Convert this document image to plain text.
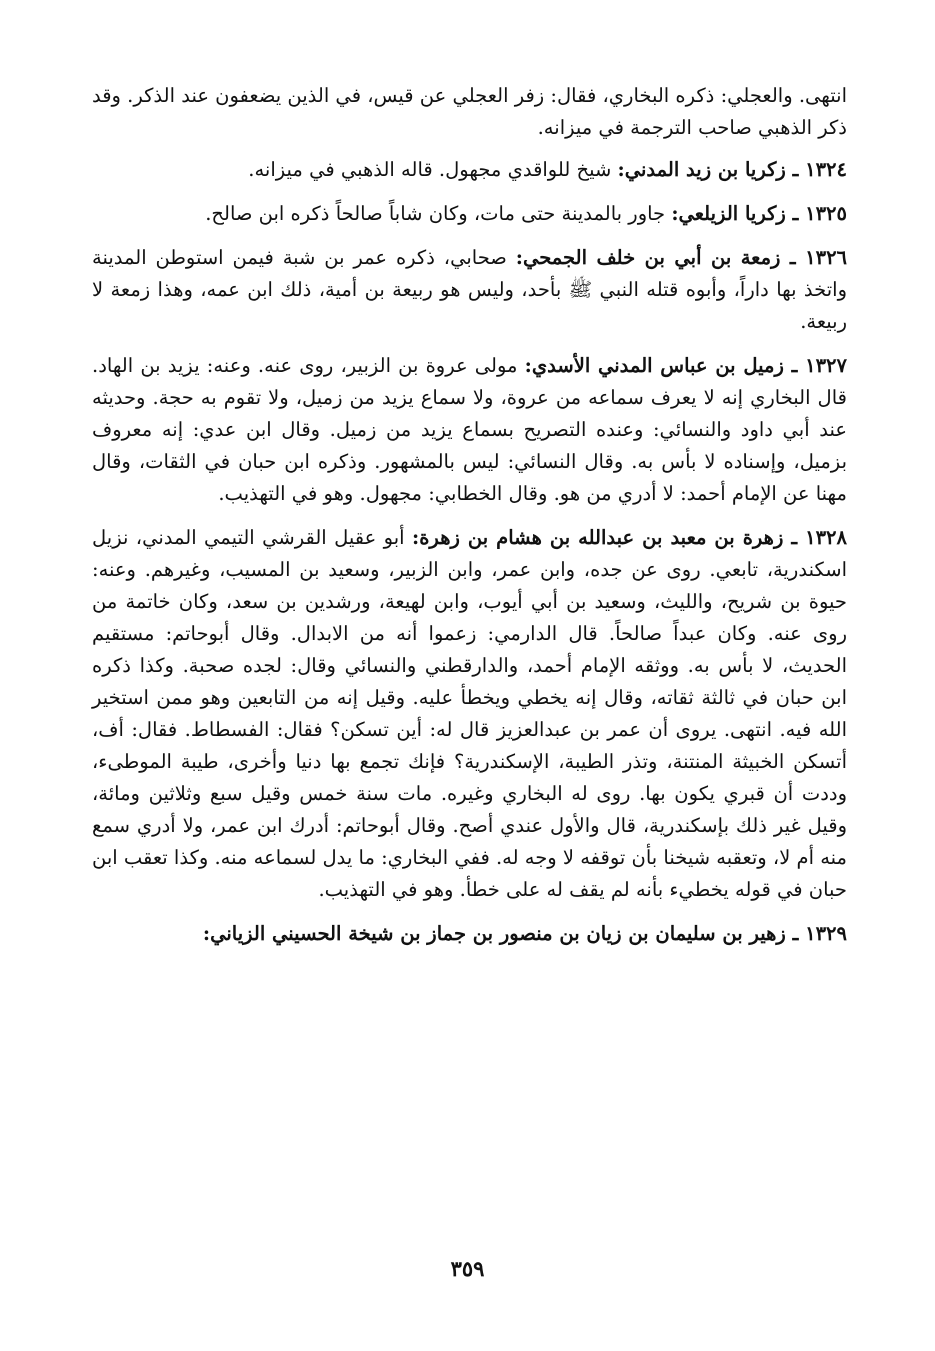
انتهى. والعجلي: ذكره البخاري، فقال: زفر العجلي عن قيس، في الذين يضعفون عند الذكر. وقد ذكر الذهبي صاحب الترجمة في ميزانه.

١٣٢٤ ـ زكريا بن زيد المدني: شيخ للواقدي مجهول. قاله الذهبي في ميزانه.

١٣٢٥ ـ زكريا الزيلعي: جاور بالمدينة حتى مات، وكان شاباً صالحاً ذكره ابن صالح.

١٣٢٦ ـ زمعة بن أبي بن خلف الجمحي: صحابي، ذكره عمر بن شبة فيمن استوطن المدينة واتخذ بها داراً، وأبوه قتله النبي ﷺ بأحد، وليس هو ربيعة بن أمية، ذلك ابن عمه، وهذا زمعة لا ربيعة.

١٣٢٧ ـ زميل بن عباس المدني الأسدي: مولى عروة بن الزبير، روى عنه. وعنه: يزيد بن الهاد. قال البخاري إنه لا يعرف سماعه من عروة، ولا سماع يزيد من زميل، ولا تقوم به حجة. وحديثه عند أبي داود والنسائي: وعنده التصريح بسماع يزيد من زميل. وقال ابن عدي: إنه معروف بزميل، وإسناده لا بأس به. وقال النسائي: ليس بالمشهور. وذكره ابن حبان في الثقات، وقال مهنا عن الإمام أحمد: لا أدري من هو. وقال الخطابي: مجهول. وهو في التهذيب.

١٣٢٨ ـ زهرة بن معبد بن عبدالله بن هشام بن زهرة: أبو عقيل القرشي التيمي المدني، نزيل اسكندرية، تابعي. روى عن جده، وابن عمر، وابن الزبير، وسعيد بن المسيب، وغيرهم. وعنه: حيوة بن شريح، والليث، وسعيد بن أبي أيوب، وابن لهيعة، ورشدين بن سعد، وكان خاتمة من روى عنه. وكان عبداً صالحاً. قال الدارمي: زعموا أنه من الابدال. وقال أبوحاتم: مستقيم الحديث، لا بأس به. ووثقه الإمام أحمد، والدارقطني والنسائي وقال: لجده صحبة. وكذا ذكره ابن حبان في ثالثة ثقاته، وقال إنه يخطي ويخطأ عليه. وقيل إنه من التابعين وهو ممن استخير الله فيه. انتهى. يروى أن عمر بن عبدالعزيز قال له: أين تسكن؟ فقال: الفسطاط. فقال: أف، أتسكن الخبيثة المنتنة، وتذر الطيبة، الإسكندرية؟ فإنك تجمع بها دنيا وأخرى، طيبة الموطىء، وددت أن قبري يكون بها. روى له البخاري وغيره. مات سنة خمس وقيل سبع وثلاثين ومائة، وقيل غير ذلك بإسكندرية، قال والأول عندي أصح. وقال أبوحاتم: أدرك ابن عمر، ولا أدري سمع منه أم لا، وتعقبه شيخنا بأن توقفه لا وجه له. ففي البخاري: ما يدل لسماعه منه. وكذا تعقب ابن حبان في قوله يخطيء بأنه لم يقف له على خطأ. وهو في التهذيب.

١٣٢٩ ـ زهير بن سليمان بن زيان بن منصور بن جماز بن شيخة الحسيني الزياني:

٣٥٩
